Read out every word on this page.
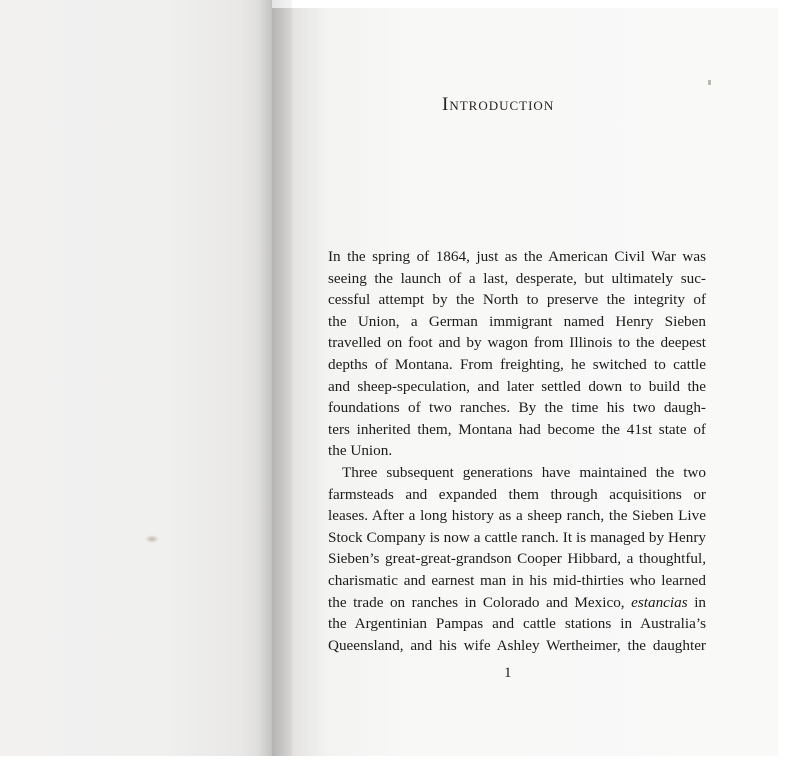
Introduction

In the spring of 1864, just as the American Civil War was
seeing the launch of a last, desperate, but ultimately suc-
cessful attempt by the North to preserve the integrity of
the Union, a German immigrant named Henry Sieben
travelled on foot and by wagon from Illinois to the deepest
depths of Montana. From freighting, he switched to cattle
and sheep-speculation, and later settled down to build the
foundations of two ranches. By the time his two daugh-
ters inherited them, Montana had become the 41st state of
the Union.

Three subsequent generations have maintained the two
farmsteads and expanded them through acquisitions or
leases. After a long history as a sheep ranch, the Sieben Live
Stock Company is now a cattle ranch. It is managed by Henry
Sieben’s great-great-grandson Cooper Hibbard, a thoughtful,
charismatic and earnest man in his mid-thirties who learned
the trade on ranches in Colorado and Mexico, estancias in
the Argentinian Pampas and cattle stations in Australia’s
Queensland, and his wife Ashley Wertheimer, the daughter

1
